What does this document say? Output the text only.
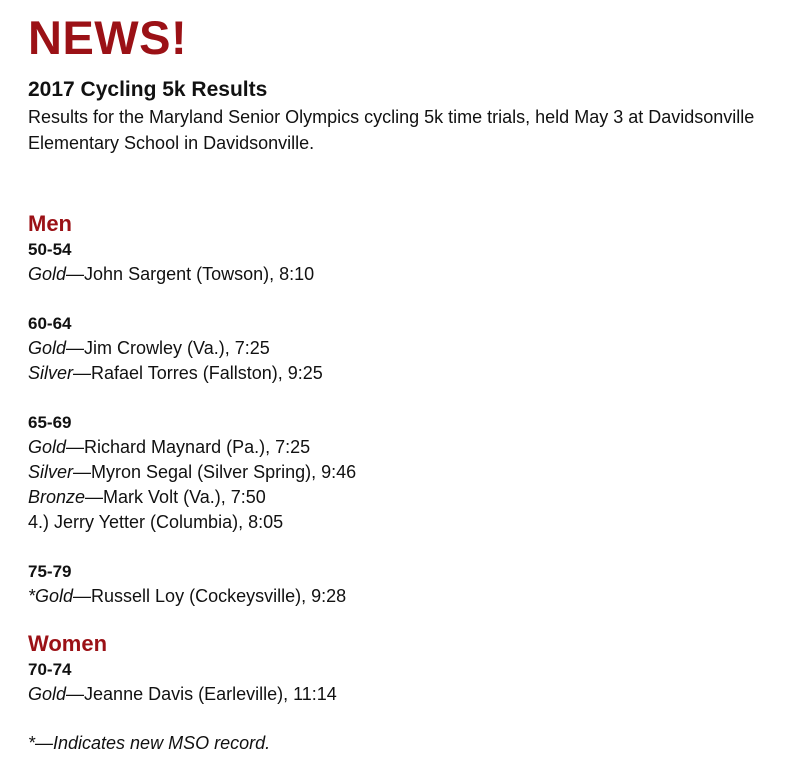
NEWS!
2017 Cycling 5k Results
Results for the Maryland Senior Olympics cycling 5k time trials, held May 3 at Davidsonville Elementary School in Davidsonville.
Men
50-54
Gold—John Sargent (Towson), 8:10
60-64
Gold—Jim Crowley (Va.), 7:25
Silver—Rafael Torres (Fallston), 9:25
65-69
Gold—Richard Maynard (Pa.), 7:25
Silver—Myron Segal (Silver Spring), 9:46
Bronze—Mark Volt (Va.), 7:50
4.) Jerry Yetter (Columbia), 8:05
75-79
*Gold—Russell Loy (Cockeysville), 9:28
Women
70-74
Gold—Jeanne Davis (Earleville), 11:14
*—Indicates new MSO record.
